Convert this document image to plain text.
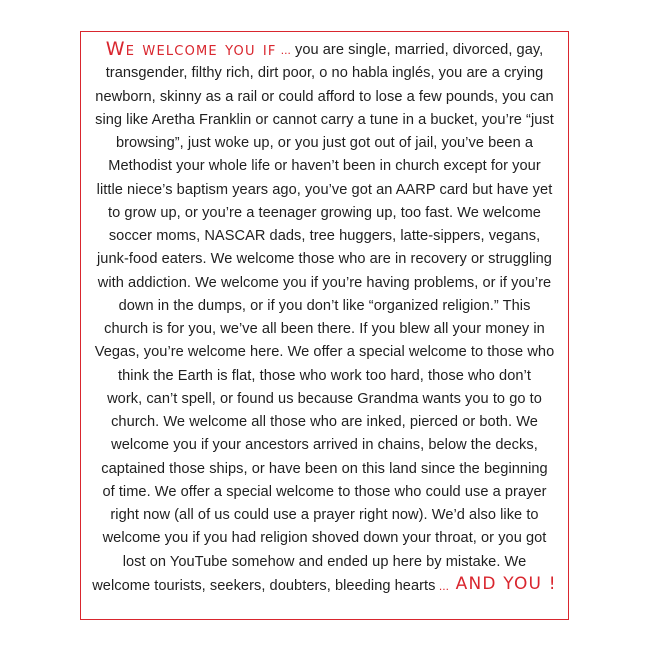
We welcome you if ... you are single, married, divorced, gay,
transgender, filthy rich, dirt poor, o no habla inglés, you are a crying
newborn, skinny as a rail or could afford to lose a few pounds, you can
sing like Aretha Franklin or cannot carry a tune in a bucket, you’re “just
browsing”, just woke up, or you just got out of jail, you’ve been a
Methodist your whole life or haven’t been in church except for your
little niece’s baptism years ago, you’ve got an AARP card but have yet
to grow up, or you’re a teenager growing up, too fast. We welcome
soccer moms, NASCAR dads, tree huggers, latte-sippers, vegans,
junk-food eaters. We welcome those who are in recovery or struggling
with addiction. We welcome you if you’re having problems, or if you’re
down in the dumps, or if you don’t like “organized religion.” This
church is for you, we’ve all been there. If you blew all your money in
Vegas, you’re welcome here. We offer a special welcome to those who
think the Earth is flat, those who work too hard, those who don’t
work, can’t spell, or found us because Grandma wants you to go to
church. We welcome all those who are inked, pierced or both. We
welcome you if your ancestors arrived in chains, below the decks,
captained those ships, or have been on this land since the beginning
of time. We offer a special welcome to those who could use a prayer
right now (all of us could use a prayer right now). We’d also like to
welcome you if you had religion shoved down your throat, or you got
lost on YouTube somehow and ended up here by mistake. We
welcome tourists, seekers, doubters, bleeding hearts ... AND YOU !
